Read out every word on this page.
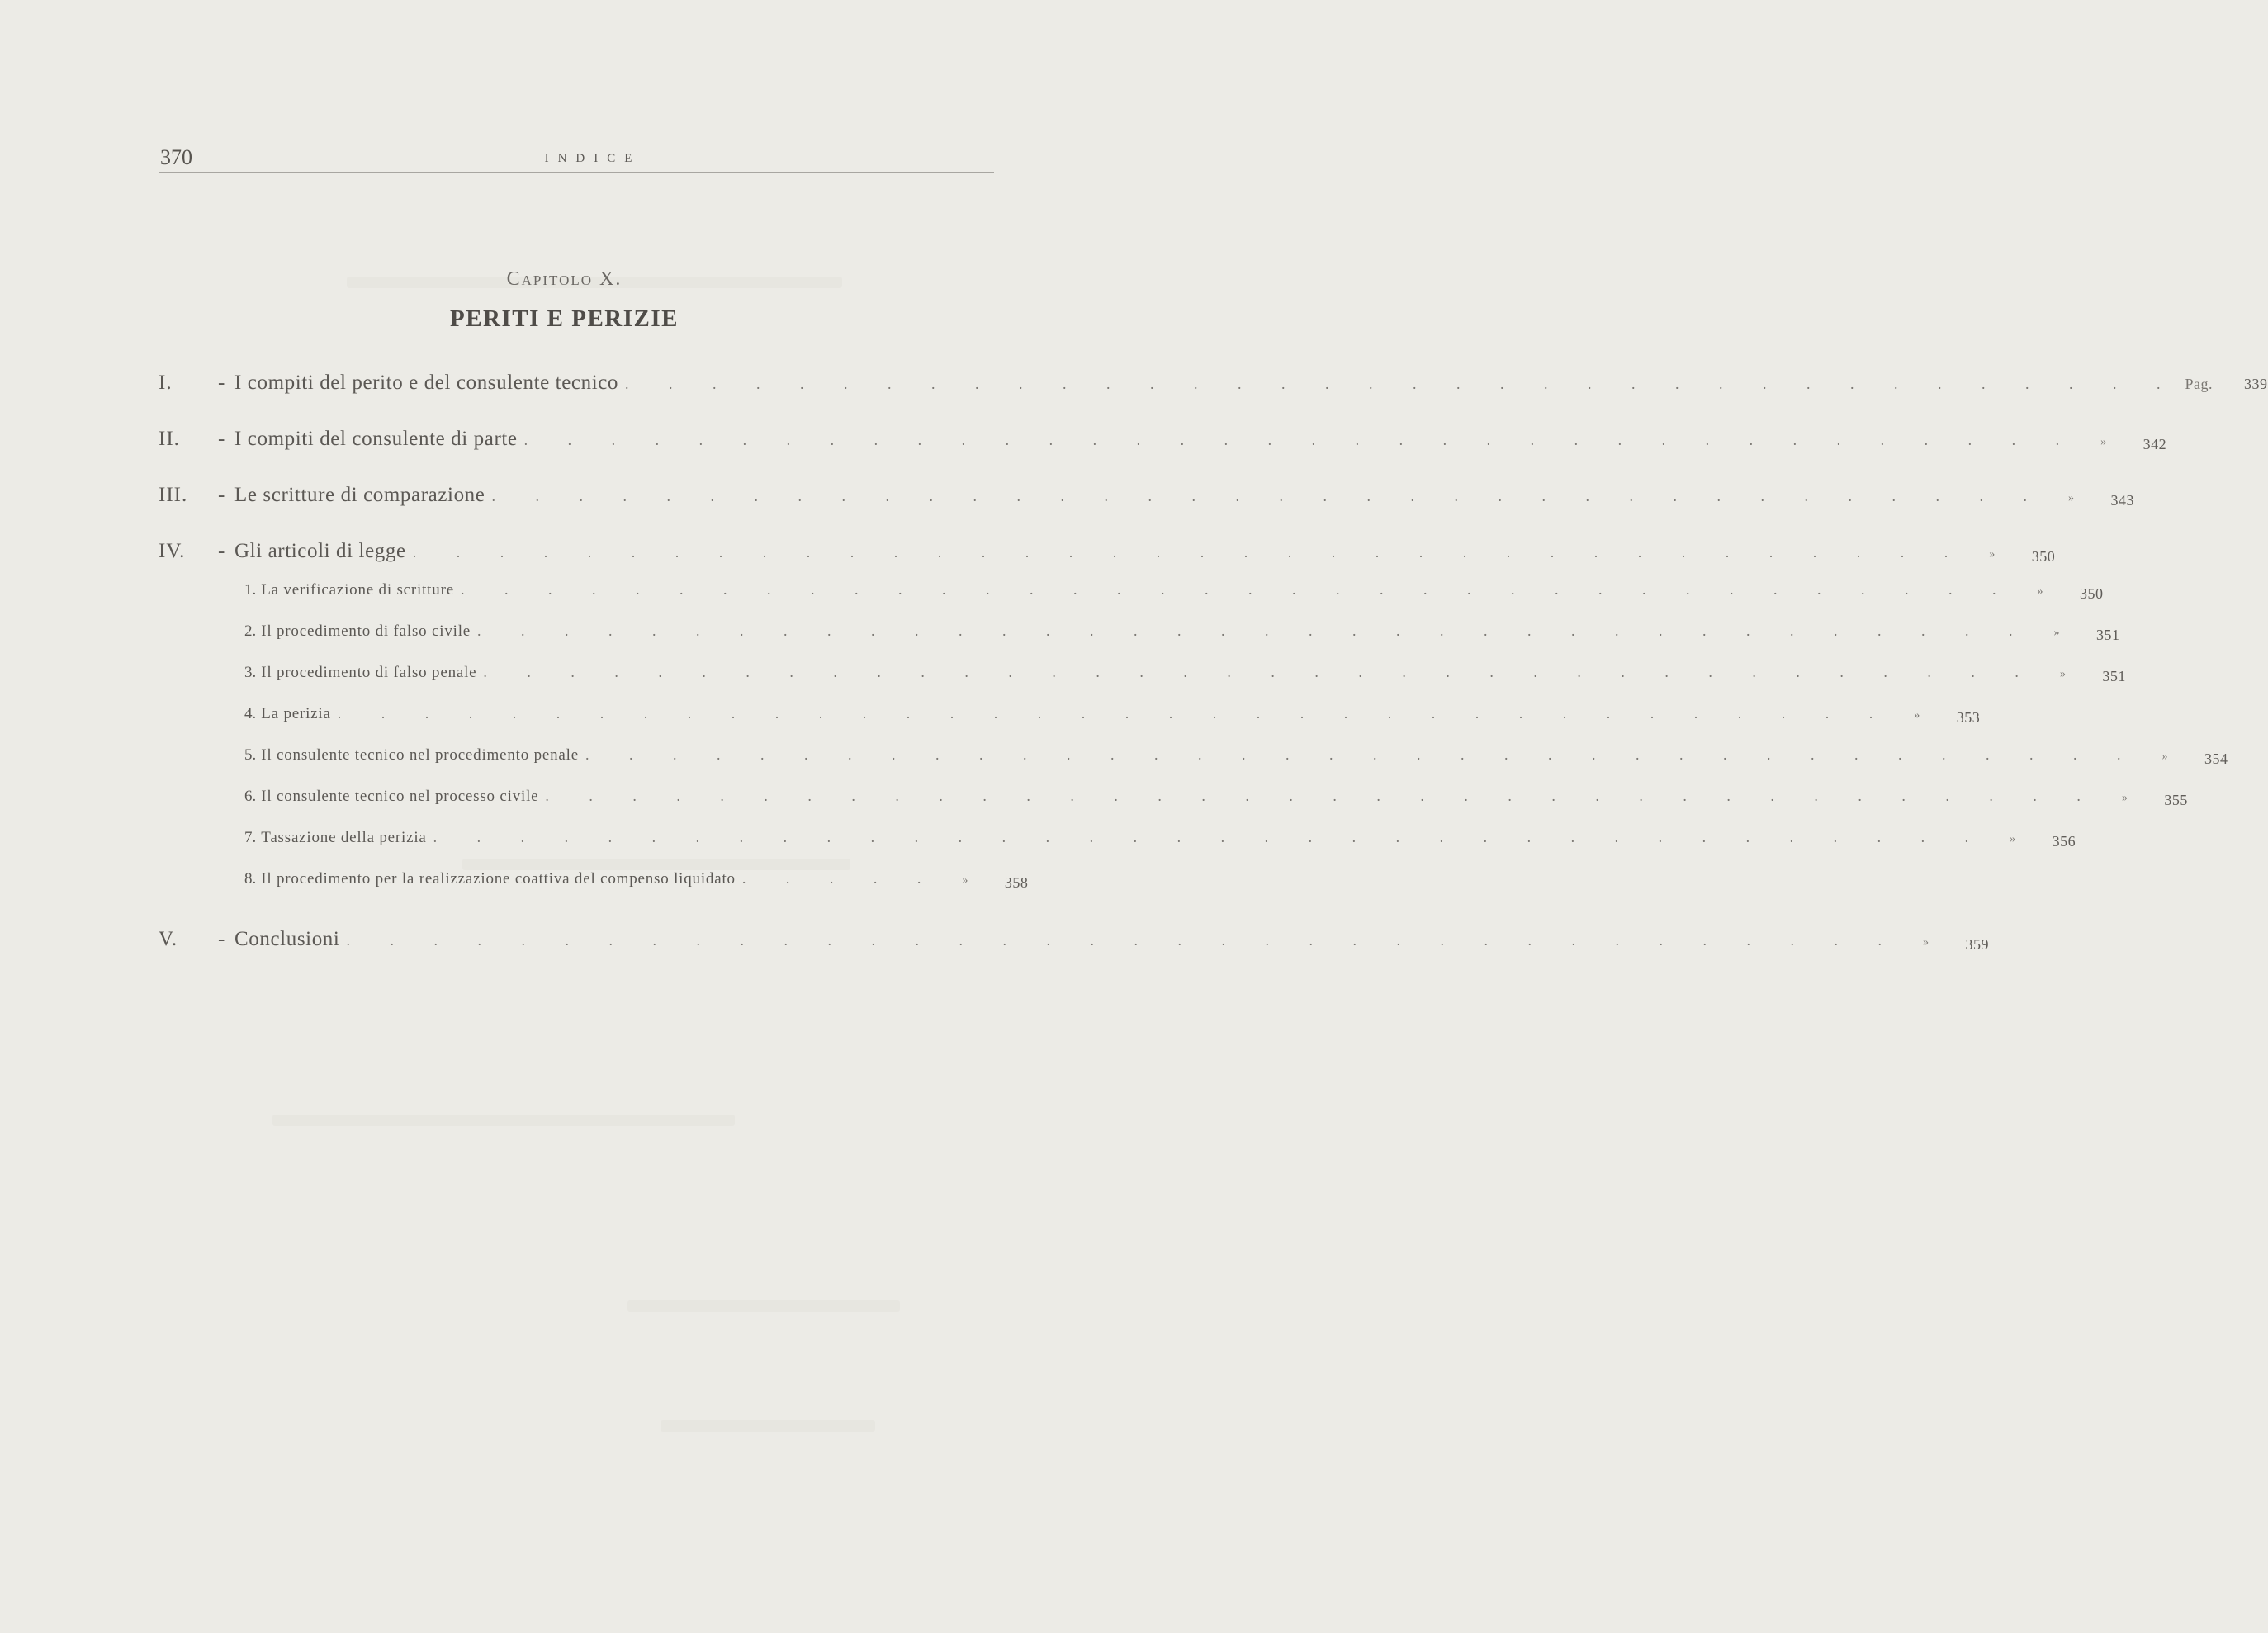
370	INDICE
Capitolo X.
PERITI E PERIZIE
I.	- I compiti del perito e del consulente tecnico . . . . . . . . . . . . . . . . . . . . . . . . . . . . . . . . . . . . Pag. 339
II.	- I compiti del consulente di parte . . . . . . . . . . . . . . . . . . . . . . . . . . . . . . . . . . . . » 342
III.	- Le scritture di comparazione . . . . . . . . . . . . . . . . . . . . . . . . . . . . . . . . . . . . » 343
IV.	- Gli articoli di legge . . . . . . . . . . . . . . . . . . . . . . . . . . . . . . . . . . . . » 350
1. La verificazione di scritture . . . . . . . . . . . . . . . . . . . . . . . . . . . . . . . . . . . . » 350
2. Il procedimento di falso civile . . . . . . . . . . . . . . . . . . . . . . . . . . . . . . . . . . . . » 351
3. Il procedimento di falso penale . . . . . . . . . . . . . . . . . . . . . . . . . . . . . . . . . . . . » 351
4. La perizia . . . . . . . . . . . . . . . . . . . . . . . . . . . . . . . . . . . . » 353
5. Il consulente tecnico nel procedimento penale . . . . . . . . . . . . . . . . . . . . . . . . . . . . . . . . . . . . » 354
6. Il consulente tecnico nel processo civile . . . . . . . . . . . . . . . . . . . . . . . . . . . . . . . . . . . . » 355
7. Tassazione della perizia . . . . . . . . . . . . . . . . . . . . . . . . . . . . . . . . . . . . » 356
8. Il procedimento per la realizzazione coattiva del compenso liquidato . . . . . » 358
V.	- Conclusioni . . . . . . . . . . . . . . . . . . . . . . . . . . . . . . . . . . . . » 359
